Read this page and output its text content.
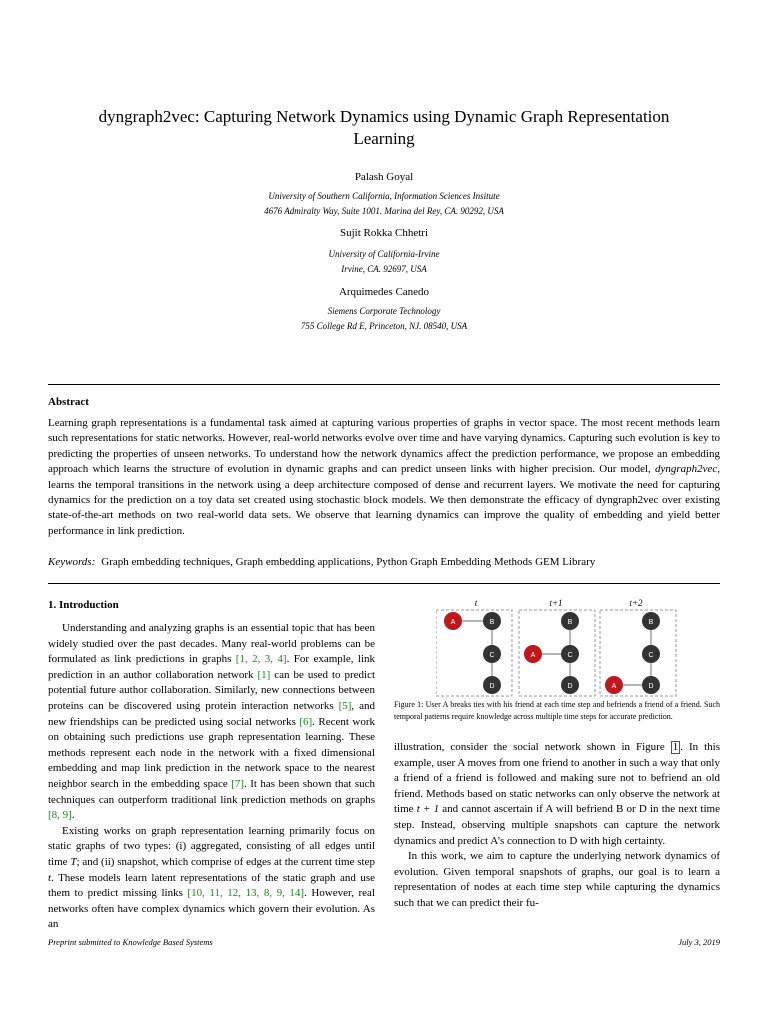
dyngraph2vec: Capturing Network Dynamics using Dynamic Graph Representation
Learning
Palash Goyal
University of Southern California, Information Sciences Insitute
4676 Admiralty Way, Suite 1001. Marina del Rey, CA. 90292, USA
Sujit Rokka Chhetri
University of California-Irvine
Irvine, CA. 92697, USA
Arquimedes Canedo
Siemens Corporate Technology
755 College Rd E, Princeton, NJ. 08540, USA
Abstract
Learning graph representations is a fundamental task aimed at capturing various properties of graphs in vector space. The most recent methods learn such representations for static networks. However, real-world networks evolve over time and have varying dynamics. Capturing such evolution is key to predicting the properties of unseen networks. To understand how the network dynamics affect the prediction performance, we propose an embedding approach which learns the structure of evolution in dynamic graphs and can predict unseen links with higher precision. Our model, dyngraph2vec, learns the temporal transitions in the network using a deep architecture composed of dense and recurrent layers. We motivate the need for capturing dynamics for the prediction on a toy data set created using stochastic block models. We then demonstrate the efficacy of dyngraph2vec over existing state-of-the-art methods on two real-world data sets. We observe that learning dynamics can improve the quality of embedding and yield better performance in link prediction.
Keywords: Graph embedding techniques, Graph embedding applications, Python Graph Embedding Methods GEM Library
1. Introduction

Understanding and analyzing graphs is an essential topic that has been widely studied over the past decades. Many real-world problems can be formulated as link predictions in graphs [1, 2, 3, 4]. For example, link prediction in an author collaboration network [1] can be used to predict potential future author collaboration. Similarly, new connections between proteins can be discovered using protein interaction networks [5], and new friendships can be predicted using social networks [6]. Recent work on obtaining such predictions use graph representation learning. These methods represent each node in the network with a fixed dimensional embedding and map link prediction in the network space to the nearest neighbor search in the embedding space [7]. It has been shown that such techniques can outperform traditional link prediction methods on graphs [8, 9].

Existing works on graph representation learning primarily focus on static graphs of two types: (i) aggregated, consisting of all edges until time T; and (ii) snapshot, which comprise of edges at the current time step t. These models learn latent representations of the static graph and use them to predict missing links [10, 11, 12, 13, 8, 9, 14]. However, real networks often have complex dynamics which govern their evolution. As an

t	t+1	t+2
A	B
C
D
B
A	C
D
B
C
A	D
Figure 1: User A breaks ties with his friend at each time step and befriends a friend of a friend. Such temporal patterns require knowledge across multiple time steps for accurate prediction.

illustration, consider the social network shown in Figure 1 . In this example, user A moves from one friend to another in such a way that only a friend of a friend is followed and making sure not to befriend an old friend. Methods based on static networks can only observe the network at time t + 1 and cannot ascertain if A will befriend B or D in the next time step. Instead, observing multiple snapshots can capture the network dynamics and predict A’s connection to D with high certainty.

In this work, we aim to capture the underlying network dynamics of evolution. Given temporal snapshots of graphs, our goal is to learn a representation of nodes at each time step while capturing the dynamics such that we can predict their fu-

Preprint submitted to Knowledge Based Systems	July 3, 2019
